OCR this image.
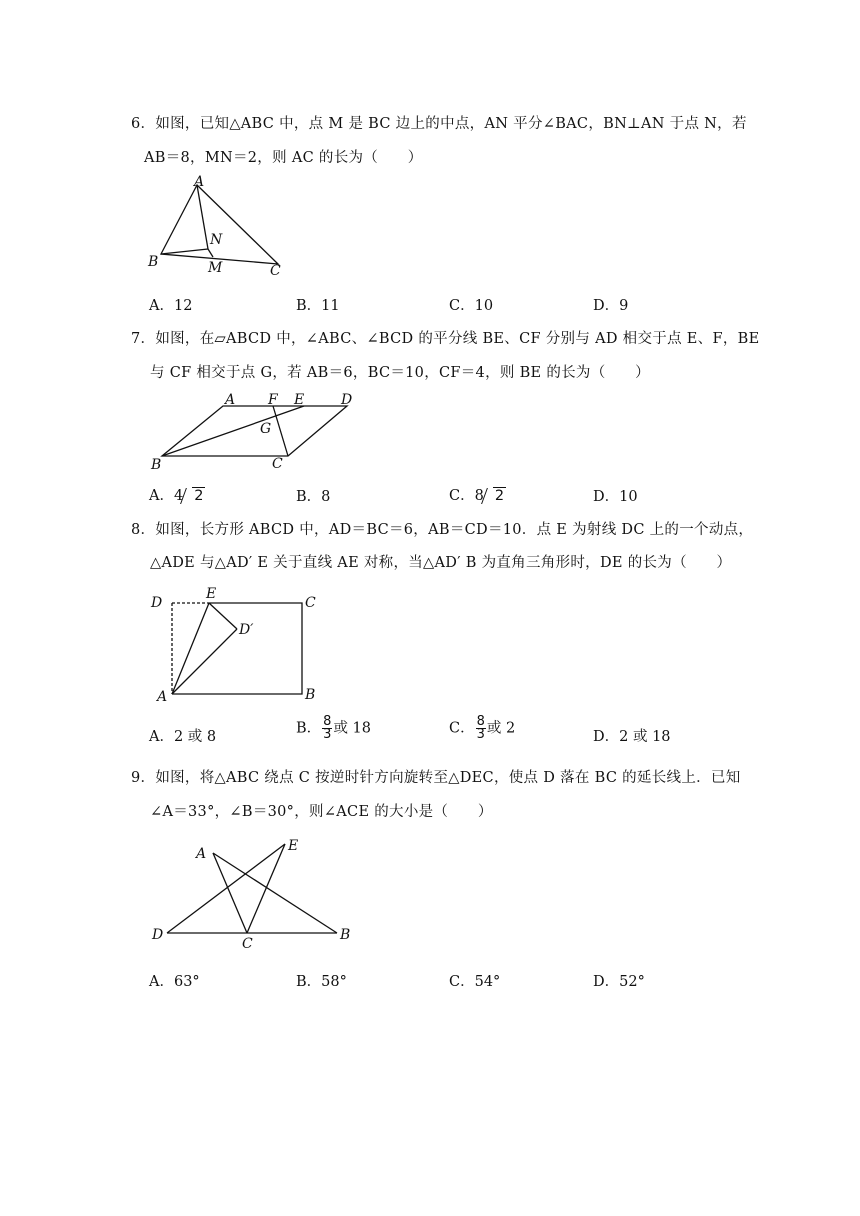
6．如图，已知△ABC 中，点 M 是 BC 边上的中点，AN 平分∠BAC，BN⊥AN 于点 N，若
AB＝8，MN＝2，则 AC 的长为（　　）
A
B
N
M	C
A．12	B．11	C．10	D．9
7．如图，在▱ABCD 中，∠ABC、∠BCD 的平分线 BE、CF 分别与 AD 相交于点 E、F，BE
与 CF 相交于点 G，若 AB＝6，BC＝10，CF＝4，则 BE 的长为（　　）
A F E	D
G
B	C
A．4 2	B．8	C．8 2	D．10
8．如图，长方形 ABCD 中，AD＝BC＝6，AB＝CD＝10．点 E 为射线 DC 上的一个动点，
△ADE 与△AD′ E 关于直线 AE 对称，当△AD′ B 为直角三角形时，DE 的长为（　　）
D
E
C
D′
A	B
A．2 或 8
B． $\frac{8}{3}$ 或 18	C． $\frac{8}{3}$ 或 2
D．2 或 18
9．如图，将△ABC 绕点 C 按逆时针方向旋转至△DEC，使点 D 落在 BC 的延长线上．已知
∠A＝33°，∠B＝30°，则∠ACE 的大小是（　　）
A	E
D
C
B
A．63°	B．58°	C．54°	D．52°
